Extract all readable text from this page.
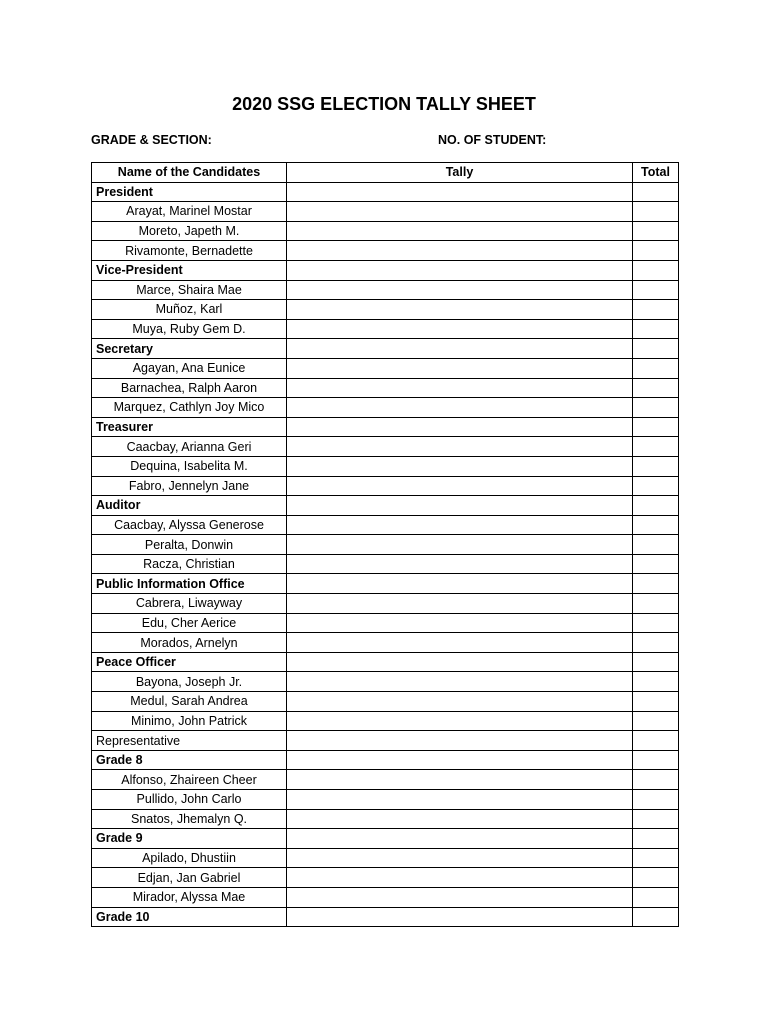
2020 SSG ELECTION TALLY SHEET
GRADE & SECTION:	NO. OF STUDENT:
Name of the Candidates	Tally	Total
President		
Arayat, Marinel Mostar		
Moreto, Japeth M.		
Rivamonte, Bernadette		
Vice-President		
Marce, Shaira Mae		
Muñoz, Karl		
Muya, Ruby Gem D.		
Secretary		
Agayan, Ana Eunice		
Barnachea, Ralph Aaron		
Marquez, Cathlyn Joy Mico		
Treasurer		
Caacbay, Arianna Geri		
Dequina, Isabelita M.		
Fabro, Jennelyn Jane		
Auditor		
Caacbay, Alyssa Generose		
Peralta, Donwin		
Racza, Christian		
Public Information Office		
Cabrera, Liwayway		
Edu, Cher Aerice		
Morados, Arnelyn		
Peace Officer		
Bayona, Joseph Jr.		
Medul, Sarah Andrea		
Minimo, John Patrick		
Representative		
Grade 8		
Alfonso, Zhaireen Cheer		
Pullido, John Carlo		
Snatos, Jhemalyn Q.		
Grade 9		
Apilado, Dhustiin		
Edjan, Jan Gabriel		
Mirador, Alyssa Mae		
Grade 10		
